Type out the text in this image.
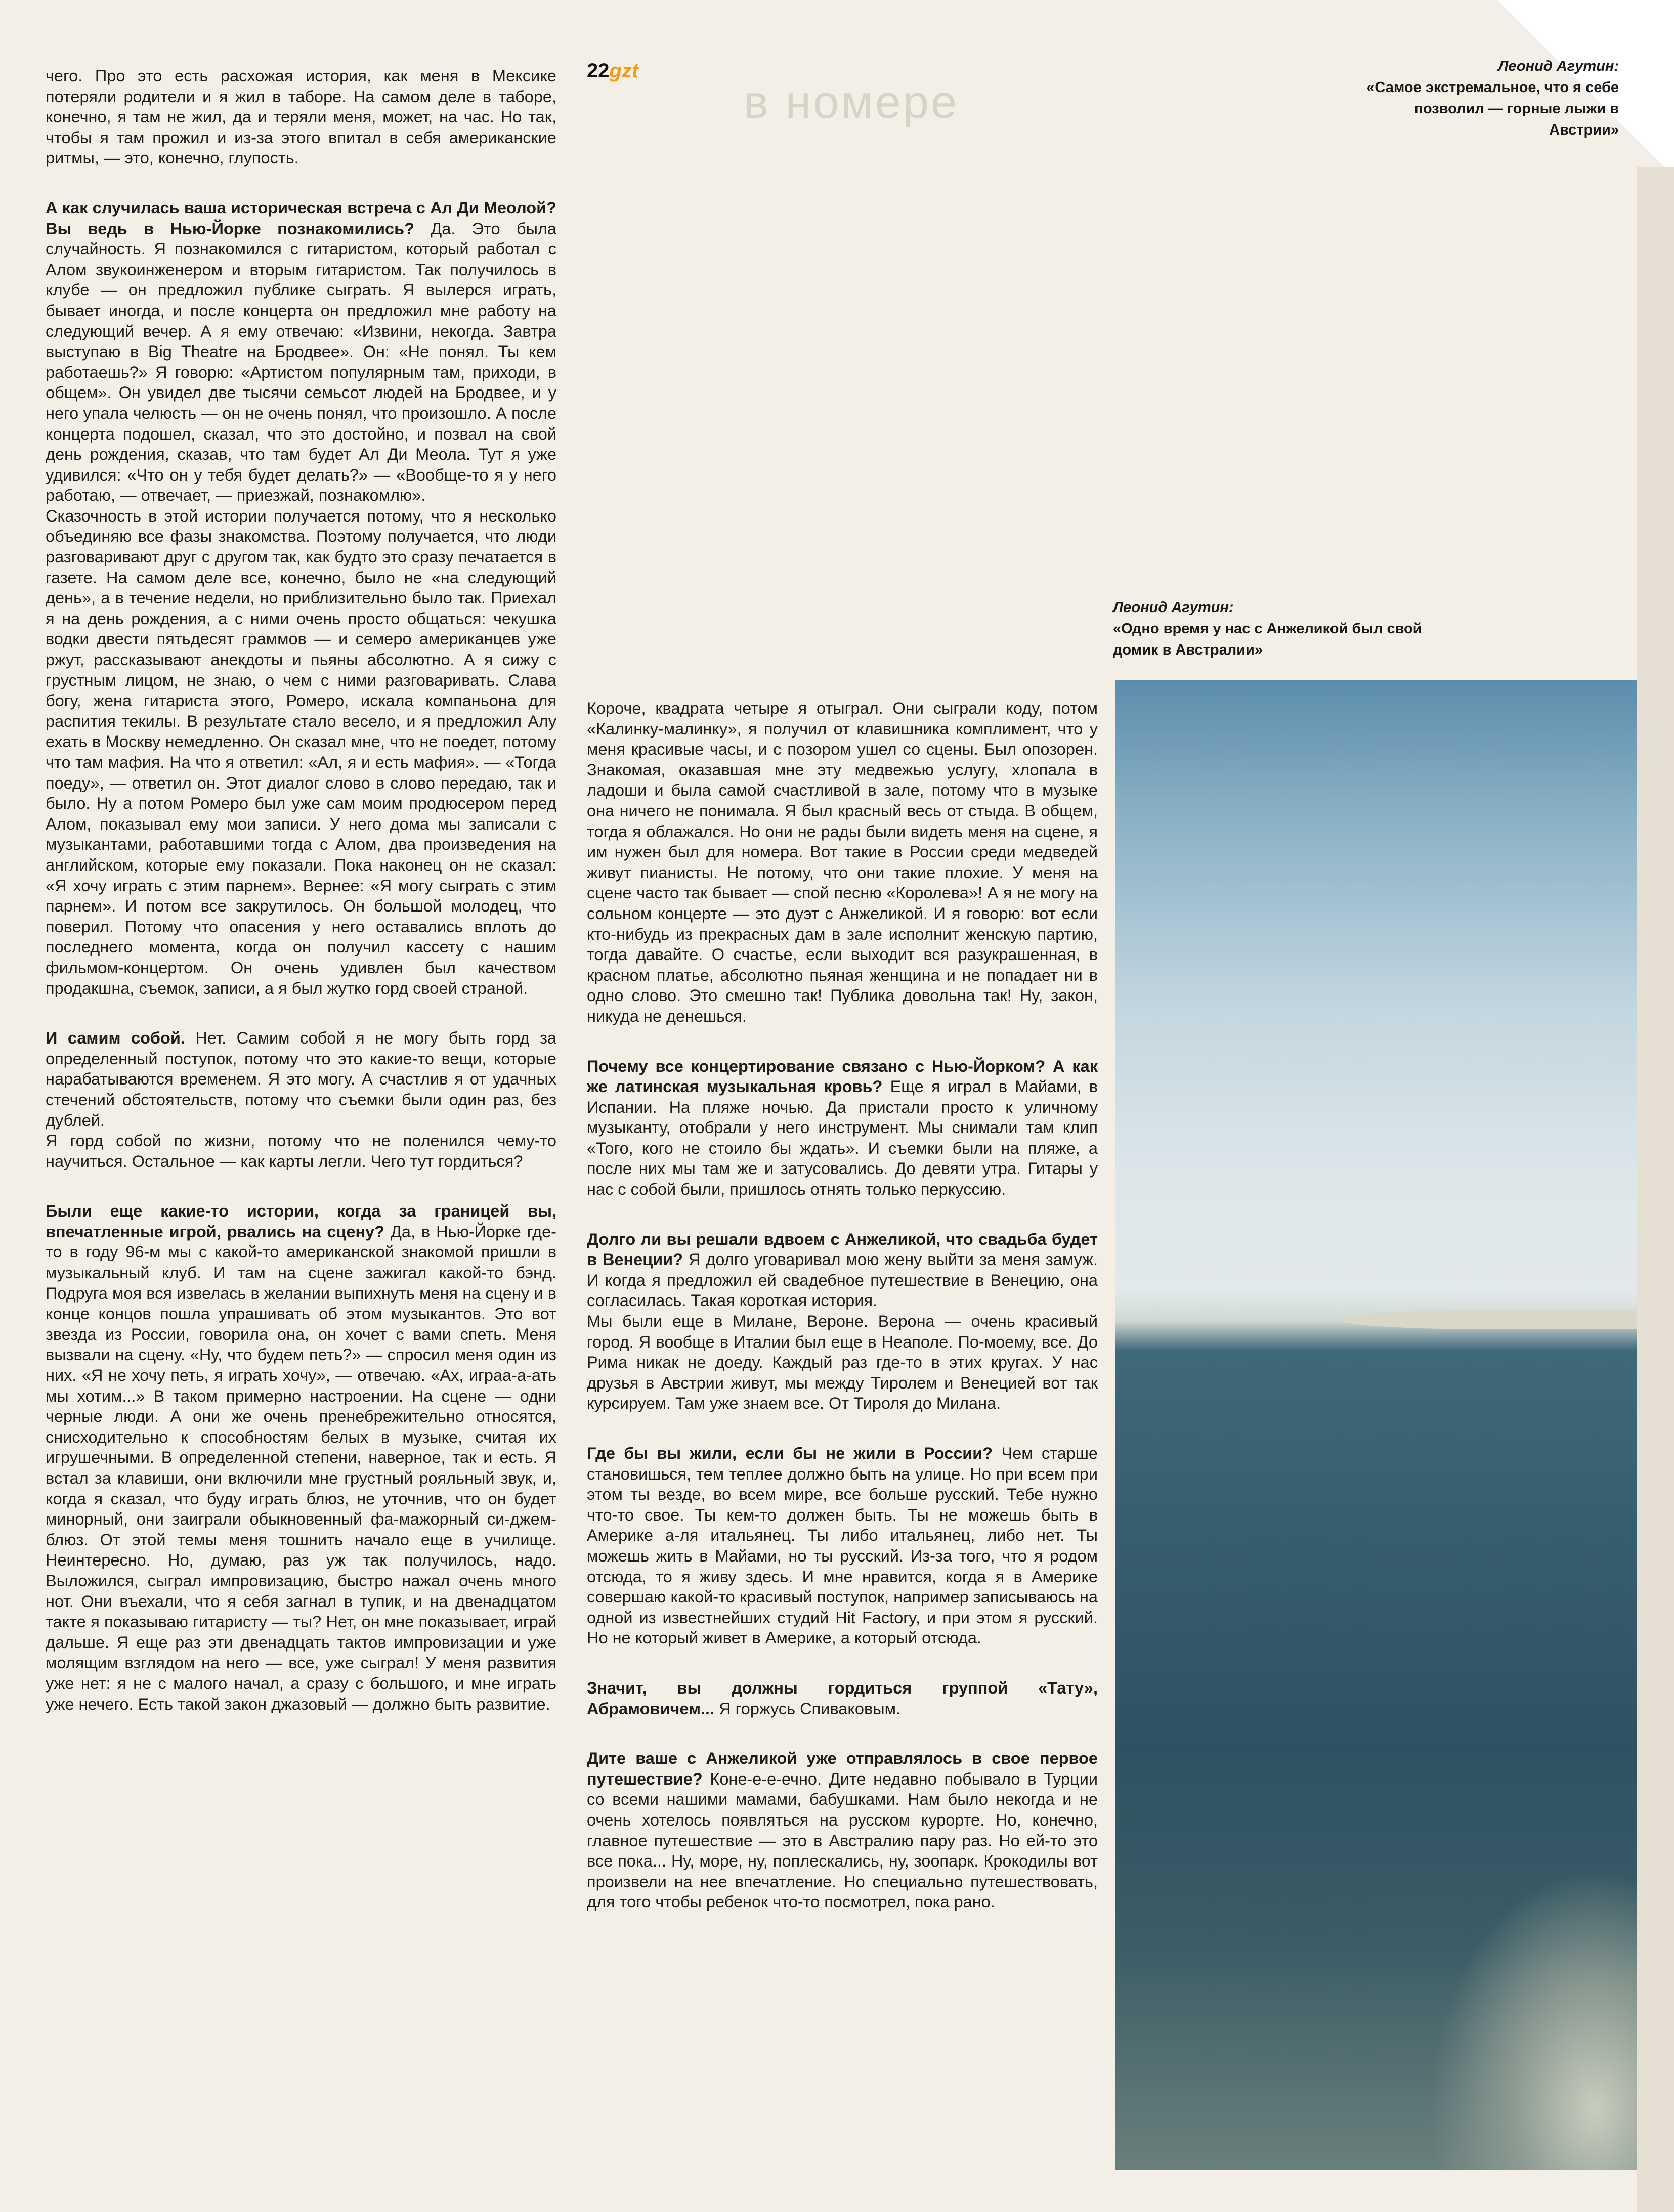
22gzt
в номере
Леонид Агутин:
«Самое экстремальное, что я себе позволил — горные лыжи в Австрии»
Леонид Агутин:
«Одно время у нас с Анжеликой был свой домик в Австралии»

чего. Про это есть расхожая история, как меня в Мексике потеряли родители и я жил в таборе. На самом деле в таборе, конечно, я там не жил, да и теряли меня, может, на час. Но так, чтобы я там прожил и из-за этого впитал в себя американские ритмы, — это, конечно, глупость.

А как случилась ваша историческая встреча с Ал Ди Меолой? Вы ведь в Нью-Йорке познакомились? Да. Это была случайность. Я познакомился с гитаристом, который работал с Алом звукоинженером и вторым гитаристом. Так получилось в клубе — он предложил публике сыграть. Я вылерся играть, бывает иногда, и после концерта он предложил мне работу на следующий вечер. А я ему отвечаю: «Извини, некогда. Завтра выступаю в Big Theatre на Бродвее». Он: «Не понял. Ты кем работаешь?» Я говорю: «Артистом популярным там, приходи, в общем». Он увидел две тысячи семьсот людей на Бродвее, и у него упала челюсть — он не очень понял, что произошло. А после концерта подошел, сказал, что это достойно, и позвал на свой день рождения, сказав, что там будет Ал Ди Меола. Тут я уже удивился: «Что он у тебя будет делать?» — «Вообще-то я у него работаю, — отвечает, — приезжай, познакомлю».

Сказочность в этой истории получается потому, что я несколько объединяю все фазы знакомства. Поэтому получается, что люди разговаривают друг с другом так, как будто это сразу печатается в газете. На самом деле все, конечно, было не «на следующий день», а в течение недели, но приблизительно было так. Приехал я на день рождения, а с ними очень просто общаться: чекушка водки двести пятьдесят граммов — и семеро американцев уже ржут, рассказывают анекдоты и пьяны абсолютно. А я сижу с грустным лицом, не знаю, о чем с ними разговаривать. Слава богу, жена гитариста этого, Ромеро, искала компаньона для распития текилы. В результате стало весело, и я предложил Алу ехать в Москву немедленно. Он сказал мне, что не поедет, потому что там мафия. На что я ответил: «Ал, я и есть мафия». — «Тогда поеду», — ответил он. Этот диалог слово в слово передаю, так и было. Ну а потом Ромеро был уже сам моим продюсером перед Алом, показывал ему мои записи. У него дома мы записали с музыкантами, работавшими тогда с Алом, два произведения на английском, которые ему показали. Пока наконец он не сказал: «Я хочу играть с этим парнем». Вернее: «Я могу сыграть с этим парнем». И потом все закрутилось. Он большой молодец, что поверил. Потому что опасения у него оставались вплоть до последнего момента, когда он получил кассету с нашим фильмом-концертом. Он очень удивлен был качеством продакшна, съемок, записи, а я был жутко горд своей страной.

И самим собой. Нет. Самим собой я не могу быть горд за определенный поступок, потому что это какие-то вещи, которые нарабатываются временем. Я это могу. А счастлив я от удачных стечений обстоятельств, потому что съемки были один раз, без дублей.

Я горд собой по жизни, потому что не поленился чему-то научиться. Остальное — как карты легли. Чего тут гордиться?

Были еще какие-то истории, когда за границей вы, впечатленные игрой, рвались на сцену? Да, в Нью-Йорке где-то в году 96-м мы с какой-то американской знакомой пришли в музыкальный клуб. И там на сцене зажигал какой-то бэнд. Подруга моя вся извелась в желании выпихнуть меня на сцену и в конце концов пошла упрашивать об этом музыкантов. Это вот звезда из России, говорила она, он хочет с вами спеть. Меня вызвали на сцену. «Ну, что будем петь?» — спросил меня один из них. «Я не хочу петь, я играть хочу», — отвечаю. «Ах, играа-а-ать мы хотим...» В таком примерно настроении. На сцене — одни черные люди. А они же очень пренебрежительно относятся, снисходительно к способностям белых в музыке, считая их игрушечными. В определенной степени, наверное, так и есть. Я встал за клавиши, они включили мне грустный рояльный звук, и, когда я сказал, что буду играть блюз, не уточнив, что он будет минорный, они заиграли обыкновенный фа-мажорный си-джем-блюз. От этой темы меня тошнить начало еще в училище. Неинтересно. Но, думаю, раз уж так получилось, надо. Выложился, сыграл импровизацию, быстро нажал очень много нот. Они въехали, что я себя загнал в тупик, и на двенадцатом такте я показываю гитаристу — ты? Нет, он мне показывает, играй дальше. Я еще раз эти двенадцать тактов импровизации и уже молящим взглядом на него — все, уже сыграл! У меня развития уже нет: я не с малого начал, а сразу с большого, и мне играть уже нечего. Есть такой закон джазовый — должно быть развитие.

Короче, квадрата четыре я отыграл. Они сыграли коду, потом «Калинку-малинку», я получил от клавишника комплимент, что у меня красивые часы, и с позором ушел со сцены. Был опозорен. Знакомая, оказавшая мне эту медвежью услугу, хлопала в ладоши и была самой счастливой в зале, потому что в музыке она ничего не понимала. Я был красный весь от стыда. В общем, тогда я облажался. Но они не рады были видеть меня на сцене, я им нужен был для номера. Вот такие в России среди медведей живут пианисты. Не потому, что они такие плохие. У меня на сцене часто так бывает — спой песню «Королева»! А я не могу на сольном концерте — это дуэт с Анжеликой. И я говорю: вот если кто-нибудь из прекрасных дам в зале исполнит женскую партию, тогда давайте. О счастье, если выходит вся разукрашенная, в красном платье, абсолютно пьяная женщина и не попадает ни в одно слово. Это смешно так! Публика довольна так! Ну, закон, никуда не денешься.

Почему все концертирование связано с Нью-Йорком? А как же латинская музыкальная кровь? Еще я играл в Майами, в Испании. На пляже ночью. Да пристали просто к уличному музыканту, отобрали у него инструмент. Мы снимали там клип «Того, кого не стоило бы ждать». И съемки были на пляже, а после них мы там же и затусовались. До девяти утра. Гитары у нас с собой были, пришлось отнять только перкуссию.

Долго ли вы решали вдвоем с Анжеликой, что свадьба будет в Венеции? Я долго уговаривал мою жену выйти за меня замуж. И когда я предложил ей свадебное путешествие в Венецию, она согласилась. Такая короткая история.

Мы были еще в Милане, Вероне. Верона — очень красивый город. Я вообще в Италии был еще в Неаполе. По-моему, все. До Рима никак не доеду. Каждый раз где-то в этих кругах. У нас друзья в Австрии живут, мы между Тиролем и Венецией вот так курсируем. Там уже знаем все. От Тироля до Милана.

Где бы вы жили, если бы не жили в России? Чем старше становишься, тем теплее должно быть на улице. Но при всем при этом ты везде, во всем мире, все больше русский. Тебе нужно что-то свое. Ты кем-то должен быть. Ты не можешь быть в Америке а-ля итальянец. Ты либо итальянец, либо нет. Ты можешь жить в Майами, но ты русский. Из-за того, что я родом отсюда, то я живу здесь. И мне нравится, когда я в Америке совершаю какой-то красивый поступок, например записываюсь на одной из известнейших студий Hit Factory, и при этом я русский. Но не который живет в Америке, а который отсюда.

Значит, вы должны гордиться группой «Тату», Абрамовичем... Я горжусь Спиваковым.

Дите ваше с Анжеликой уже отправлялось в свое первое путешествие? Коне-е-е-ечно. Дите недавно побывало в Турции со всеми нашими мамами, бабушками. Нам было некогда и не очень хотелось появляться на русском курорте. Но, конечно, главное путешествие — это в Австралию пару раз. Но ей-то это все пока... Ну, море, ну, поплескались, ну, зоопарк. Крокодилы вот произвели на нее впечатление. Но специально путешествовать, для того чтобы ребенок что-то посмотрел, пока рано.
